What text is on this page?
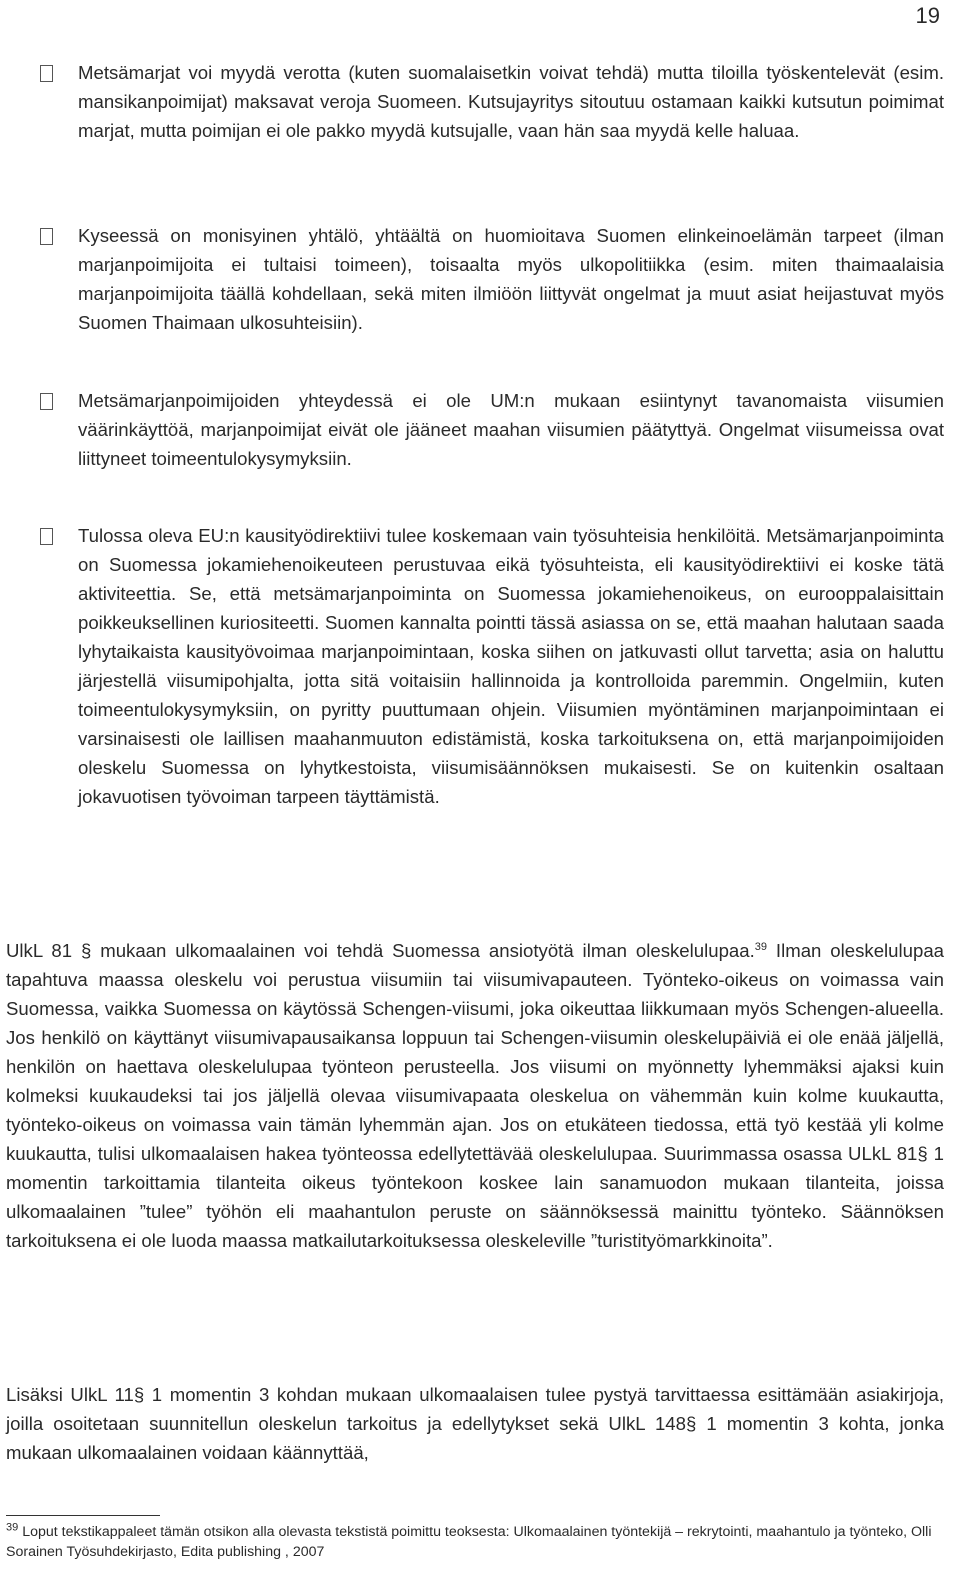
19
Metsämarjat voi myydä verotta (kuten suomalaisetkin voivat tehdä) mutta tiloilla työskentelevät (esim. mansikanpoimijat) maksavat veroja Suomeen. Kutsujayritys sitoutuu ostamaan kaikki kutsutun poimimat marjat, mutta poimijan ei ole pakko myydä kutsujalle, vaan hän saa myydä kelle haluaa.
Kyseessä on monisyinen yhtälö, yhtäältä on huomioitava Suomen elinkeinoelämän tarpeet (ilman marjanpoimijoita ei tultaisi toimeen), toisaalta myös ulkopolitiikka (esim. miten thaimaalaisia marjanpoimijoita täällä kohdellaan, sekä miten ilmiöön liittyvät ongelmat ja muut asiat heijastuvat myös Suomen Thaimaan ulkosuhteisiin).
Metsämarjanpoimijoiden yhteydessä ei ole UM:n mukaan esiintynyt tavanomaista viisumien väärinkäyttöä, marjanpoimijat eivät ole jääneet maahan viisumien päätyttyä. Ongelmat viisumeissa ovat liittyneet toimeentulokysymyksiin.
Tulossa oleva EU:n kausityödirektiivi tulee koskemaan vain työsuhteisia henkilöitä. Metsämarjanpoiminta on Suomessa jokamiehenoikeuteen perustuvaa eikä työsuhteista, eli kausityödirektiivi ei koske tätä aktiviteettia. Se, että metsämarjanpoiminta on Suomessa jokamiehenoikeus, on eurooppalaisittain poikkeuksellinen kuriositeetti. Suomen kannalta pointti tässä asiassa on se, että maahan halutaan saada lyhytaikaista kausityövoimaa marjanpoimintaan, koska siihen on jatkuvasti ollut tarvetta; asia on haluttu järjestellä viisumipohjalta, jotta sitä voitaisiin hallinnoida ja kontrolloida paremmin. Ongelmiin, kuten toimeentulokysymyksiin, on pyritty puuttumaan ohjein. Viisumien myöntäminen marjanpoimintaan ei varsinaisesti ole laillisen maahanmuuton edistämistä, koska tarkoituksena on, että marjanpoimijoiden oleskelu Suomessa on lyhytkestoista, viisumisäännöksen mukaisesti. Se on kuitenkin osaltaan jokavuotisen työvoiman tarpeen täyttämistä.
UlkL 81 § mukaan ulkomaalainen voi tehdä Suomessa ansiotyötä ilman oleskelulupaa.$^{39}$ Ilman oleskelulupaa tapahtuva maassa oleskelu voi perustua viisumiin tai viisumivapauteen. Työnteko-oikeus on voimassa vain Suomessa, vaikka Suomessa on käytössä Schengen-viisumi, joka oikeuttaa liikkumaan myös Schengen-alueella. Jos henkilö on käyttänyt viisumivapausaikansa loppuun tai Schengen-viisumin oleskelupäiviä ei ole enää jäljellä, henkilön on haettava oleskelulupaa työnteon perusteella. Jos viisumi on myönnetty lyhemmäksi ajaksi kuin kolmeksi kuukaudeksi tai jos jäljellä olevaa viisumivapaata oleskelua on vähemmän kuin kolme kuukautta, työnteko-oikeus on voimassa vain tämän lyhemmän ajan. Jos on etukäteen tiedossa, että työ kestää yli kolme kuukautta, tulisi ulkomaalaisen hakea työnteossa edellytettävää oleskelulupaa. Suurimmassa osassa ULkL 81§ 1 momentin tarkoittamia tilanteita oikeus työntekoon koskee lain sanamuodon mukaan tilanteita, joissa ulkomaalainen ”tulee” työhön eli maahantulon peruste on säännöksessä mainittu työnteko. Säännöksen tarkoituksena ei ole luoda maassa matkailutarkoituksessa oleskeleville ”turistityömarkkinoita”.
Lisäksi UlkL 11§ 1 momentin 3 kohdan mukaan ulkomaalaisen tulee pystyä tarvittaessa esittämään asiakirjoja, joilla osoitetaan suunnitellun oleskelun tarkoitus ja edellytykset sekä UlkL 148§ 1 momentin 3 kohta, jonka mukaan ulkomaalainen voidaan käännyttää,
$^{39}$ Loput tekstikappaleet tämän otsikon alla olevasta tekstistä poimittu teoksesta: Ulkomaalainen työntekijä – rekrytointi, maahantulo ja työnteko, Olli Sorainen Työsuhdekirjasto, Edita publishing , 2007
